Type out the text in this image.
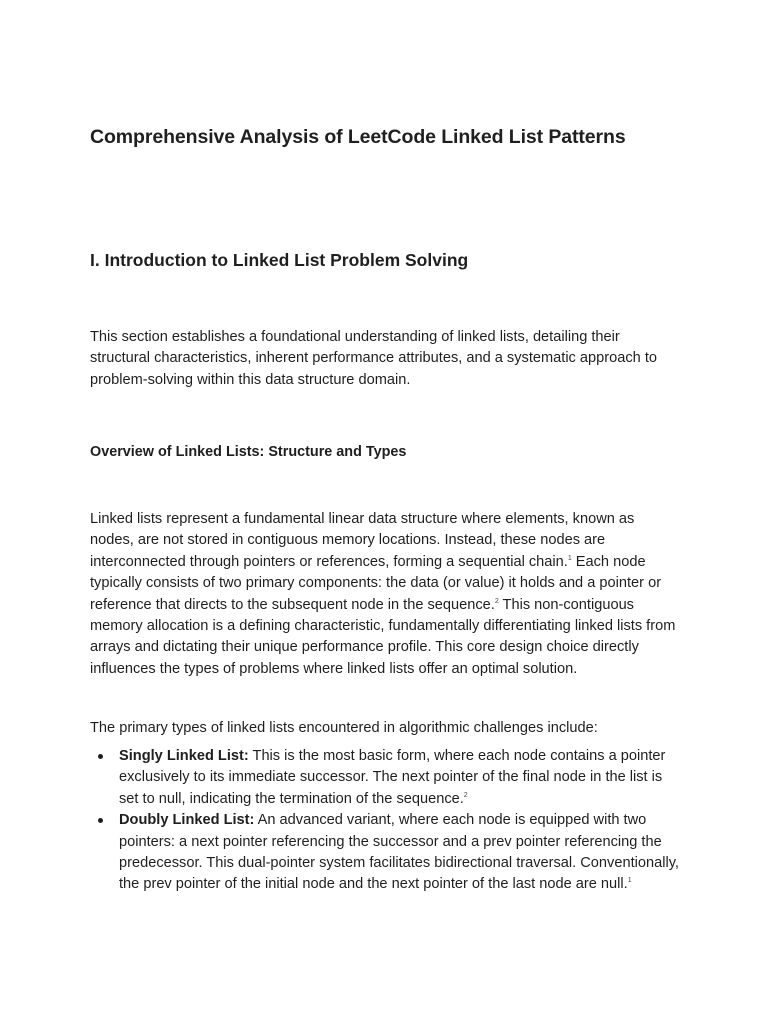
Comprehensive Analysis of LeetCode Linked List Patterns
I. Introduction to Linked List Problem Solving

This section establishes a foundational understanding of linked lists, detailing their structural characteristics, inherent performance attributes, and a systematic approach to problem-solving within this data structure domain.

Overview of Linked Lists: Structure and Types

Linked lists represent a fundamental linear data structure where elements, known as nodes, are not stored in contiguous memory locations. Instead, these nodes are interconnected through pointers or references, forming a sequential chain.$^1$ Each node typically consists of two primary components: the data (or value) it holds and a pointer or reference that directs to the subsequent node in the sequence.$^2$ This non-contiguous memory allocation is a defining characteristic, fundamentally differentiating linked lists from arrays and dictating their unique performance profile. This core design choice directly influences the types of problems where linked lists offer an optimal solution.

The primary types of linked lists encountered in algorithmic challenges include:

Singly Linked List: This is the most basic form, where each node contains a pointer exclusively to its immediate successor. The next pointer of the final node in the list is set to null, indicating the termination of the sequence.$^2$
Doubly Linked List: An advanced variant, where each node is equipped with two pointers: a next pointer referencing the successor and a prev pointer referencing the predecessor. This dual-pointer system facilitates bidirectional traversal. Conventionally, the prev pointer of the initial node and the next pointer of the last node are null.$^1$
